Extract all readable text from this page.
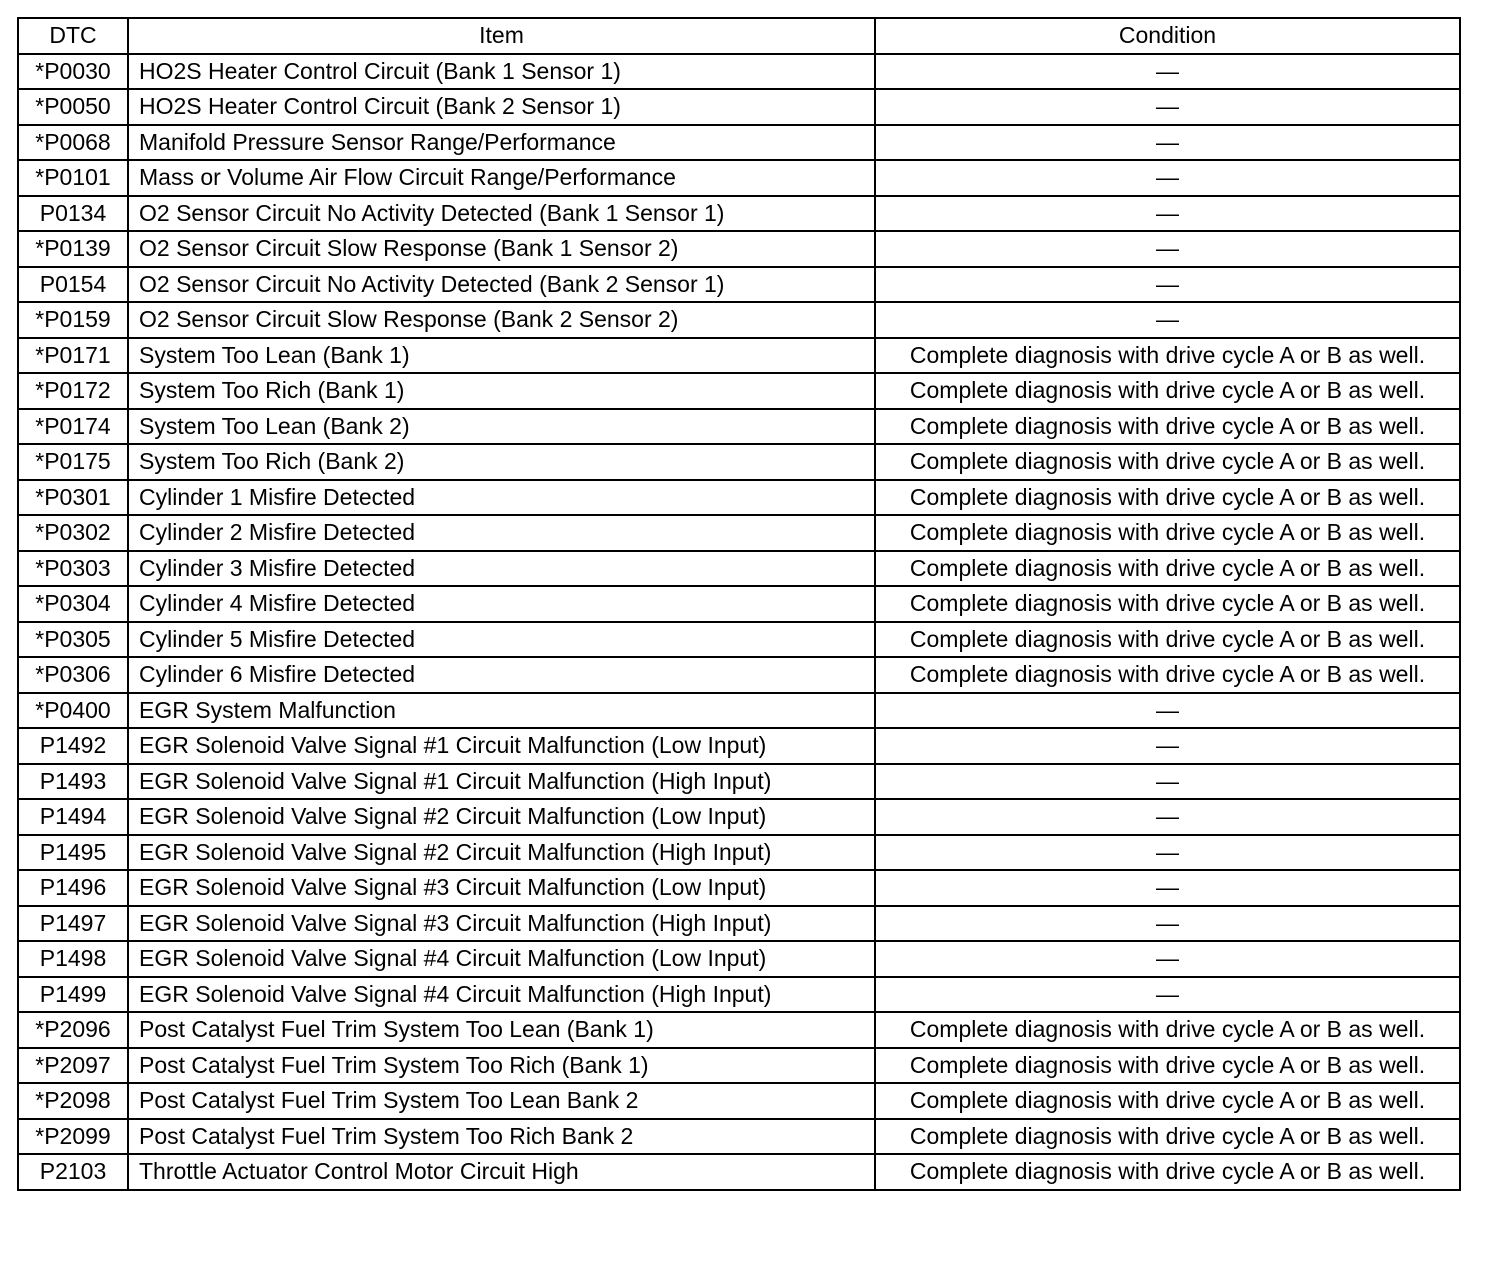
DTC	Item	Condition
*P0030	HO2S Heater Control Circuit (Bank 1 Sensor 1)	—
*P0050	HO2S Heater Control Circuit (Bank 2 Sensor 1)	—
*P0068	Manifold Pressure Sensor Range/Performance	—
*P0101	Mass or Volume Air Flow Circuit Range/Performance	—
P0134	O2 Sensor Circuit No Activity Detected (Bank 1 Sensor 1)	—
*P0139	O2 Sensor Circuit Slow Response (Bank 1 Sensor 2)	—
P0154	O2 Sensor Circuit No Activity Detected (Bank 2 Sensor 1)	—
*P0159	O2 Sensor Circuit Slow Response (Bank 2 Sensor 2)	—
*P0171	System Too Lean (Bank 1)	Complete diagnosis with drive cycle A or B as well.
*P0172	System Too Rich (Bank 1)	Complete diagnosis with drive cycle A or B as well.
*P0174	System Too Lean (Bank 2)	Complete diagnosis with drive cycle A or B as well.
*P0175	System Too Rich (Bank 2)	Complete diagnosis with drive cycle A or B as well.
*P0301	Cylinder 1 Misfire Detected	Complete diagnosis with drive cycle A or B as well.
*P0302	Cylinder 2 Misfire Detected	Complete diagnosis with drive cycle A or B as well.
*P0303	Cylinder 3 Misfire Detected	Complete diagnosis with drive cycle A or B as well.
*P0304	Cylinder 4 Misfire Detected	Complete diagnosis with drive cycle A or B as well.
*P0305	Cylinder 5 Misfire Detected	Complete diagnosis with drive cycle A or B as well.
*P0306	Cylinder 6 Misfire Detected	Complete diagnosis with drive cycle A or B as well.
*P0400	EGR System Malfunction	—
P1492	EGR Solenoid Valve Signal #1 Circuit Malfunction (Low Input)	—
P1493	EGR Solenoid Valve Signal #1 Circuit Malfunction (High Input)	—
P1494	EGR Solenoid Valve Signal #2 Circuit Malfunction (Low Input)	—
P1495	EGR Solenoid Valve Signal #2 Circuit Malfunction (High Input)	—
P1496	EGR Solenoid Valve Signal #3 Circuit Malfunction (Low Input)	—
P1497	EGR Solenoid Valve Signal #3 Circuit Malfunction (High Input)	—
P1498	EGR Solenoid Valve Signal #4 Circuit Malfunction (Low Input)	—
P1499	EGR Solenoid Valve Signal #4 Circuit Malfunction (High Input)	—
*P2096	Post Catalyst Fuel Trim System Too Lean (Bank 1)	Complete diagnosis with drive cycle A or B as well.
*P2097	Post Catalyst Fuel Trim System Too Rich (Bank 1)	Complete diagnosis with drive cycle A or B as well.
*P2098	Post Catalyst Fuel Trim System Too Lean Bank 2	Complete diagnosis with drive cycle A or B as well.
*P2099	Post Catalyst Fuel Trim System Too Rich Bank 2	Complete diagnosis with drive cycle A or B as well.
P2103	Throttle Actuator Control Motor Circuit High	Complete diagnosis with drive cycle A or B as well.
